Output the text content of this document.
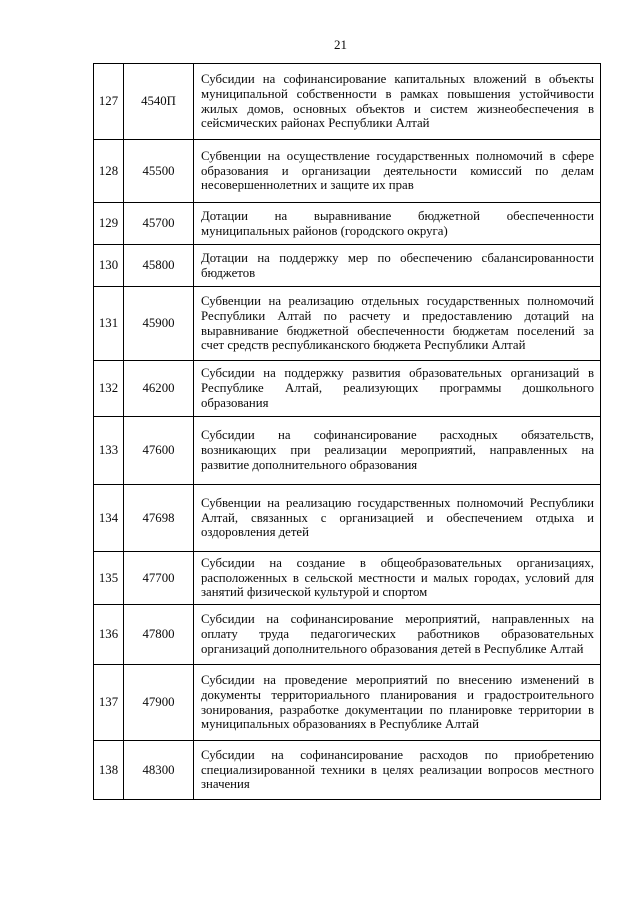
21
127	4540П
Субсидии на софинансирование капитальных вложений в объекты
муниципальной собственности в рамках повышения устойчивости
жилых домов, основных объектов и систем жизнеобеспечения в
сейсмических районах Республики Алтай
128	45500
Субвенции на осуществление государственных полномочий в сфере
образования и организации деятельности комиссий по делам
несовершеннолетних и защите их прав
129	45700
Дотации на выравнивание бюджетной обеспеченности
муниципальных районов (городского округа)
130	45800
Дотации на поддержку мер по обеспечению сбалансированности
бюджетов
131	45900
Субвенции на реализацию отдельных государственных полномочий
Республики Алтай по расчету и предоставлению дотаций на
выравнивание бюджетной обеспеченности бюджетам поселений за
счет средств республиканского бюджета Республики Алтай
132	46200
Субсидии на поддержку развития образовательных организаций в
Республике Алтай, реализующих программы дошкольного
образования
133	47600
Субсидии на софинансирование расходных обязательств,
возникающих при реализации мероприятий, направленных на
развитие дополнительного образования
134	47698
Субвенции на реализацию государственных полномочий Республики
Алтай, связанных с организацией и обеспечением отдыха и
оздоровления детей
135	47700
Субсидии на создание в общеобразовательных организациях,
расположенных в сельской местности и малых городах, условий для
занятий физической культурой и спортом
136	47800
Субсидии на софинансирование мероприятий, направленных на
оплату труда педагогических работников образовательных
организаций дополнительного образования детей в Республике Алтай
137	47900
Субсидии на проведение мероприятий по внесению изменений в
документы территориального планирования и градостроительного
зонирования, разработке документации по планировке территории в
муниципальных образованиях в Республике Алтай
138	48300
Субсидии на софинансирование расходов по приобретению
специализированной техники в целях реализации вопросов местного
значения
